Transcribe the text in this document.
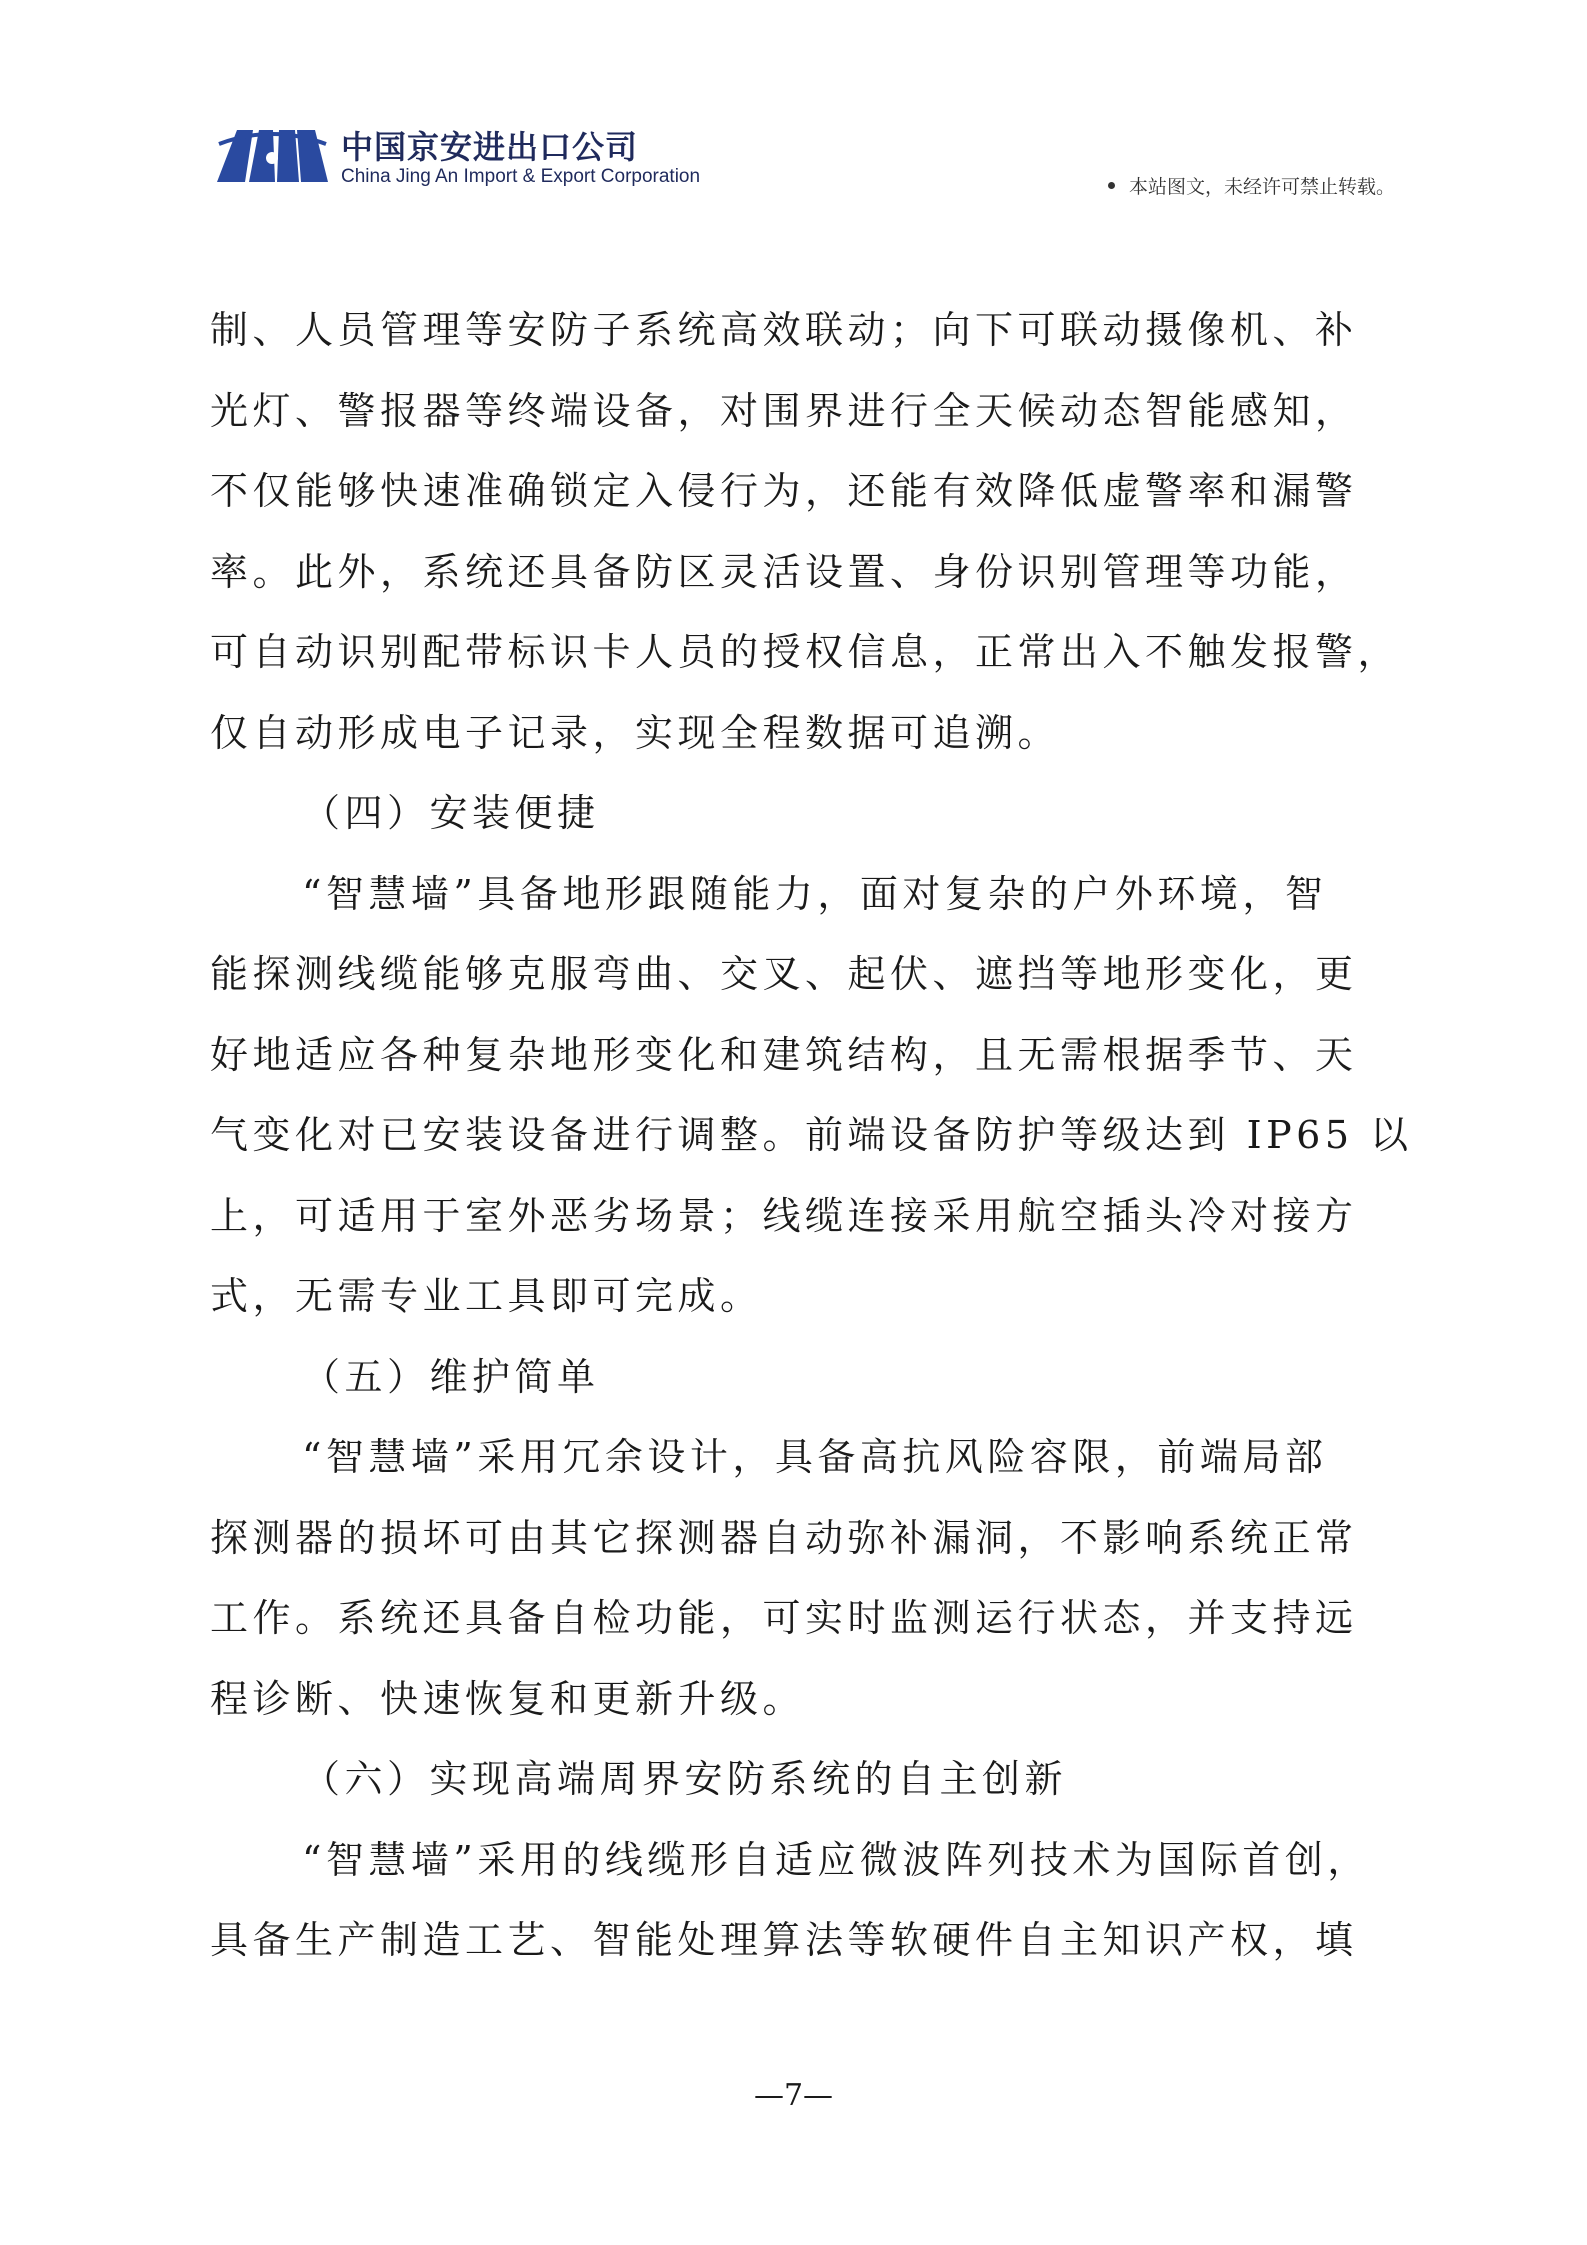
中国京安进出口公司
China Jing An Import & Export Corporation	本站图文，未经许可禁止转载。
制、人员管理等安防子系统高效联动；向下可联动摄像机、补
光灯、警报器等终端设备，对围界进行全天候动态智能感知，
不仅能够快速准确锁定入侵行为，还能有效降低虚警率和漏警
率。此外，系统还具备防区灵活设置、身份识别管理等功能，
可自动识别配带标识卡人员的授权信息，正常出入不触发报警，
仅自动形成电子记录，实现全程数据可追溯。
（四）安装便捷
“智慧墙”具备地形跟随能力，面对复杂的户外环境，智
能探测线缆能够克服弯曲、交叉、起伏、遮挡等地形变化，更
好地适应各种复杂地形变化和建筑结构，且无需根据季节、天
气变化对已安装设备进行调整。前端设备防护等级达到 IP65 以
上，可适用于室外恶劣场景；线缆连接采用航空插头冷对接方
式，无需专业工具即可完成。
（五）维护简单
“智慧墙”采用冗余设计，具备高抗风险容限，前端局部
探测器的损坏可由其它探测器自动弥补漏洞，不影响系统正常
工作。系统还具备自检功能，可实时监测运行状态，并支持远
程诊断、快速恢复和更新升级。
（六）实现高端周界安防系统的自主创新
“智慧墙”采用的线缆形自适应微波阵列技术为国际首创，
具备生产制造工艺、智能处理算法等软硬件自主知识产权，填
—7—
